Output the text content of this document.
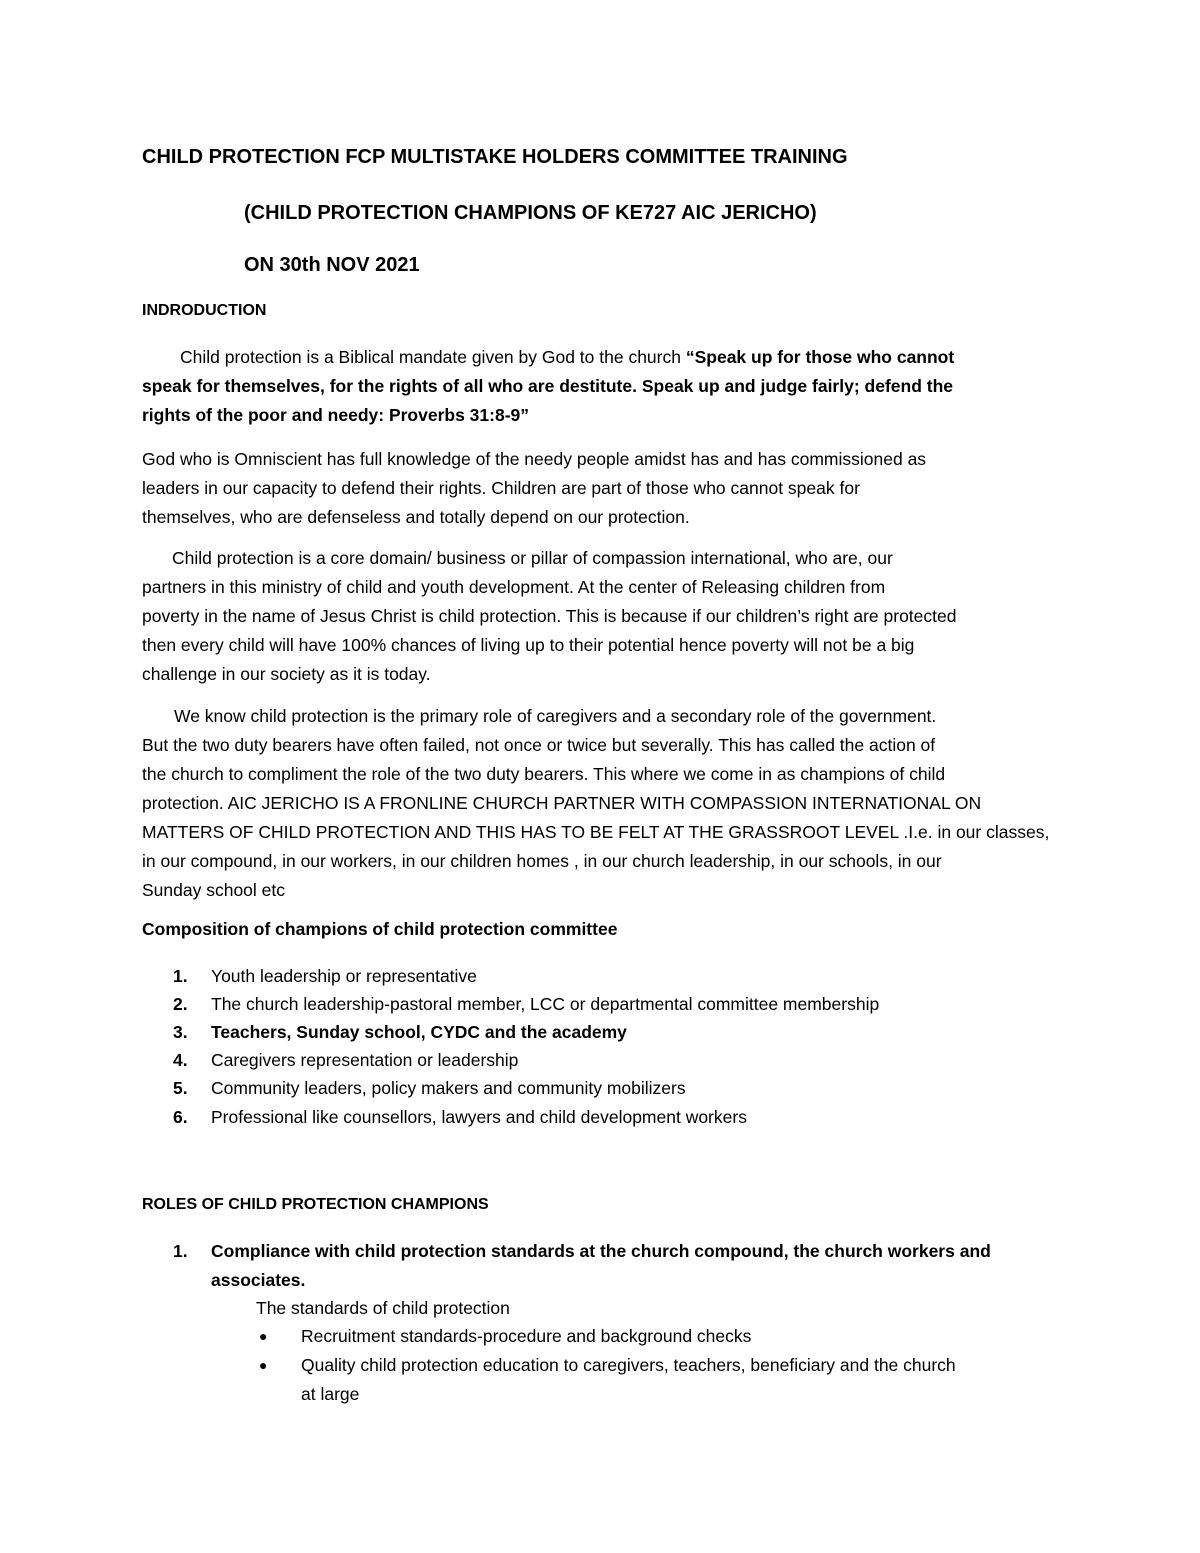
CHILD PROTECTION FCP MULTISTAKE HOLDERS COMMITTEE TRAINING
(CHILD PROTECTION CHAMPIONS OF KE727 AIC JERICHO)
ON 30th NOV 2021
INDRODUCTION
Child protection is a Biblical mandate given by God to the church “Speak up for those who cannot
speak for themselves, for the rights of all who are destitute. Speak up and judge fairly; defend the
rights of the poor and needy: Proverbs 31:8-9”
God who is Omniscient has full knowledge of the needy people amidst has and has commissioned as
leaders in our capacity to defend their rights. Children are part of those who cannot speak for
themselves, who are defenseless and totally depend on our protection.
Child protection is a core domain/ business or pillar of compassion international, who are, our
partners in this ministry of child and youth development. At the center of Releasing children from
poverty in the name of Jesus Christ is child protection. This is because if our children’s right are protected
then every child will have 100% chances of living up to their potential hence poverty will not be a big
challenge in our society as it is today.
We know child protection is the primary role of caregivers and a secondary role of the government.
But the two duty bearers have often failed, not once or twice but severally. This has called the action of
the church to compliment the role of the two duty bearers. This where we come in as champions of child
protection. AIC JERICHO IS A FRONLINE CHURCH PARTNER WITH COMPASSION INTERNATIONAL ON
MATTERS OF CHILD PROTECTION AND THIS HAS TO BE FELT AT THE GRASSROOT LEVEL .I.e. in our classes,
in our compound, in our workers, in our children homes , in our church leadership, in our schools, in our
Sunday school etc
Composition of champions of child protection committee
1. Youth leadership or representative
2. The church leadership-pastoral member, LCC or departmental committee membership
3. Teachers, Sunday school, CYDC and the academy
4. Caregivers representation or leadership
5. Community leaders, policy makers and community mobilizers
6. Professional like counsellors, lawyers and child development workers
ROLES OF CHILD PROTECTION CHAMPIONS
1. Compliance with child protection standards at the church compound, the church workers and
associates.
The standards of child protection
● Recruitment standards-procedure and background checks
● Quality child protection education to caregivers, teachers, beneficiary and the church
at large
